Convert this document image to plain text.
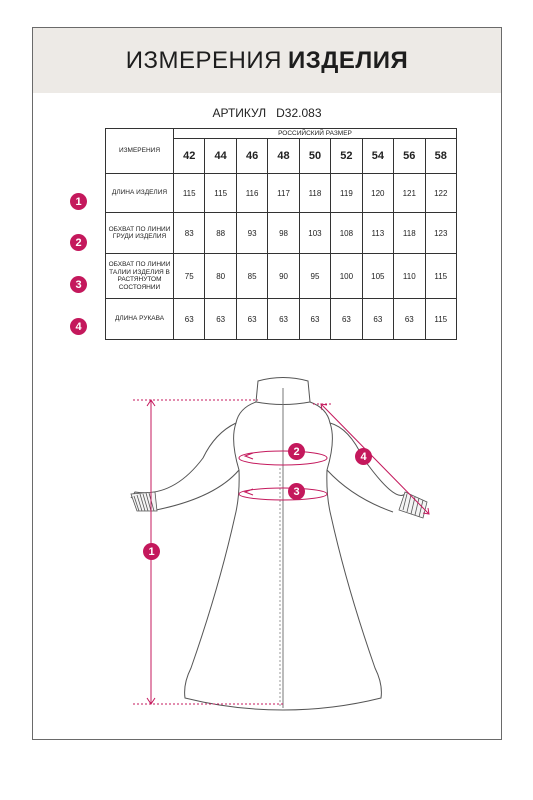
ИЗМЕРЕНИЯ ИЗДЕЛИЯ
АРТИКУЛ D32.083
ИЗМЕРЕНИЯ	РОССИЙСКИЙ РАЗМЕР								
	42	44	46	48	50	52	54	56	58
ДЛИНА ИЗДЕЛИЯ	115	115	116	117	118	119	120	121	122
ОБХВАТ ПО ЛИНИИ ГРУДИ ИЗДЕЛИЯ	83	88	93	98	103	108	113	118	123
ОБХВАТ ПО ЛИНИИ ТАЛИИ ИЗДЕЛИЯ В РАСТЯНУТОМ СОСТОЯНИИ	75	80	85	90	95	100	105	110	115
ДЛИНА РУКАВА	63	63	63	63	63	63	63	63	115
1
2
3
4
1
2
3
4
